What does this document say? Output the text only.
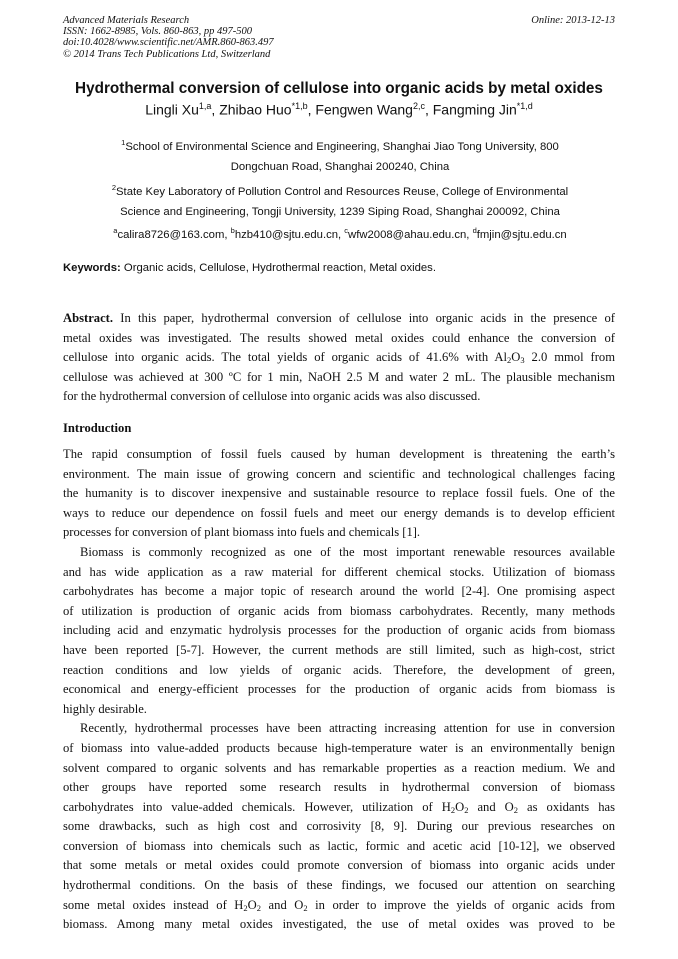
Advanced Materials Research
ISSN: 1662-8985, Vols. 860-863, pp 497-500
doi:10.4028/www.scientific.net/AMR.860-863.497
© 2014 Trans Tech Publications Ltd, Switzerland
Online: 2013-12-13
Hydrothermal conversion of cellulose into organic acids by metal oxides
Lingli Xu$^{1,a}$, Zhibao Huo$^{*1,b}$, Fengwen Wang$^{2,c}$, Fangming Jin$^{*1,d}$
$^1$School of Environmental Science and Engineering, Shanghai Jiao Tong University, 800
Dongchuan Road, Shanghai 200240, China
$^2$State Key Laboratory of Pollution Control and Resources Reuse, College of Environmental
Science and Engineering, Tongji University, 1239 Siping Road, Shanghai 200092, China
$^a$calira8726@163.com, $^b$hzb410@sjtu.edu.cn, $^c$wfw2008@ahau.edu.cn, $^d$fmjin@sjtu.edu.cn
Keywords: Organic acids, Cellulose, Hydrothermal reaction, Metal oxides.
Abstract. In this paper, hydrothermal conversion of cellulose into organic acids in the presence of
metal oxides was investigated. The results showed metal oxides could enhance the conversion of
cellulose into organic acids. The total yields of organic acids of 41.6% with $Al_2O_3$ 2.0 mmol from
cellulose was achieved at 300 ºC for 1 min, NaOH 2.5 M and water 2 mL. The plausible mechanism
for the hydrothermal conversion of cellulose into organic acids was also discussed.
Introduction
The rapid consumption of fossil fuels caused by human development is threatening the earth’s
environment. The main issue of growing concern and scientific and technological challenges facing
the humanity is to discover inexpensive and sustainable resource to replace fossil fuels. One of the
ways to reduce our dependence on fossil fuels and meet our energy demands is to develop efficient
processes for conversion of plant biomass into fuels and chemicals [1].
Biomass is commonly recognized as one of the most important renewable resources available
and has wide application as a raw material for different chemical stocks. Utilization of biomass
carbohydrates has become a major topic of research around the world [2-4]. One promising aspect
of utilization is production of organic acids from biomass carbohydrates. Recently, many methods
including acid and enzymatic hydrolysis processes for the production of organic acids from biomass
have been reported [5-7]. However, the current methods are still limited, such as high-cost, strict
reaction conditions and low yields of organic acids. Therefore, the development of green,
economical and energy-efficient processes for the production of organic acids from biomass is
highly desirable.
Recently, hydrothermal processes have been attracting increasing attention for use in conversion
of biomass into value-added products because high-temperature water is an environmentally benign
solvent compared to organic solvents and has remarkable properties as a reaction medium. We and
other groups have reported some research results in hydrothermal conversion of biomass
carbohydrates into value-added chemicals. However, utilization of $H_2O_2$ and $O_2$ as oxidants has
some drawbacks, such as high cost and corrosivity [8, 9]. During our previous researches on
conversion of biomass into chemicals such as lactic, formic and acetic acid [10-12], we observed
that some metals or metal oxides could promote conversion of biomass into organic acids under
hydrothermal conditions. On the basis of these findings, we focused our attention on searching
some metal oxides instead of $H_2O_2$ and $O_2$ in order to improve the yields of organic acids from
biomass. Among many metal oxides investigated, the use of metal oxides was proved to be
